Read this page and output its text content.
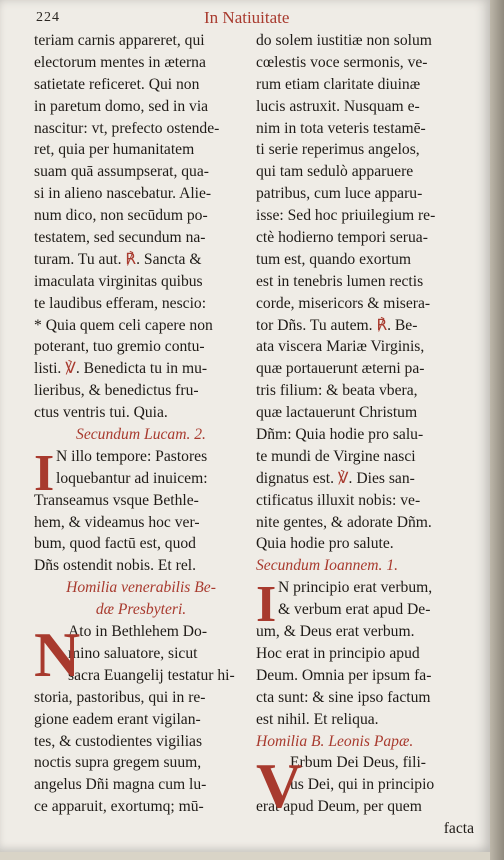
224	In Natiuitate
teriam carnis appareret, qui
electorum mentes in æterna
satietate reficeret. Qui non
in paretum domo, sed in via
nascitur: vt, prefecto ostende-
ret, quia per humanitatem
suam quā assumpserat, qua-
si in alieno nascebatur. Alie-
num dico, non secūdum po-
testatem, sed secundum na-
turam. Tu aut. ℟. Sancta &
imaculata virginitas quibus
te laudibus efferam, nescio:
* Quia quem celi capere non
poterant, tuo gremio contu-
listi. ℣. Benedicta tu in mu-
lieribus, & benedictus fru-
ctus ventris tui. Quia.
Secundum Lucam. 2.
I N illo tempore: Pastores
loquebantur ad inuicem:
Transeamus vsque Bethle-
hem, & videamus hoc ver-
bum, quod factū est, quod
Dñs ostendit nobis. Et rel.
Homilia venerabilis Be-
dæ Presbyteri.
N
Ato in Bethlehem Do-
mino saluatore, sicut
sacra Euangelij testatur hi-
storia, pastoribus, qui in re-
gione eadem erant vigilan-
tes, & custodientes vigilias
noctis supra gregem suum,
angelus Dñi magna cum lu-
ce apparuit, exortumq; mū-
do solem iustitiæ non solum
cœlestis voce sermonis, ve-
rum etiam claritate diuinæ
lucis astruxit. Nusquam e-
nim in tota veteris testamē-
ti serie reperimus angelos,
qui tam sedulò apparuere
patribus, cum luce apparu-
isse: Sed hoc priuilegium re-
ctè hodierno tempori serua-
tum est, quando exortum
est in tenebris lumen rectis
corde, misericors & misera-
tor Dñs. Tu autem. ℟. Be-
ata viscera Mariæ Virginis,
quæ portauerunt æterni pa-
tris filium: & beata vbera,
quæ lactauerunt Christum
Dñm: Quia hodie pro salu-
te mundi de Virgine nasci
dignatus est. ℣. Dies san-
ctificatus illuxit nobis: ve-
nite gentes, & adorate Dñm.
Quia hodie pro salute.
Secundum Ioannem. 1.
I N principio erat verbum,
& verbum erat apud De-
um, & Deus erat verbum.
Hoc erat in principio apud
Deum. Omnia per ipsum fa-
cta sunt: & sine ipso factum
est nihil. Et reliqua.
Homilia B. Leonis Papæ.
V
Erbum Dei Deus, fili-
us Dei, qui in principio
erat apud Deum, per quem
facta
